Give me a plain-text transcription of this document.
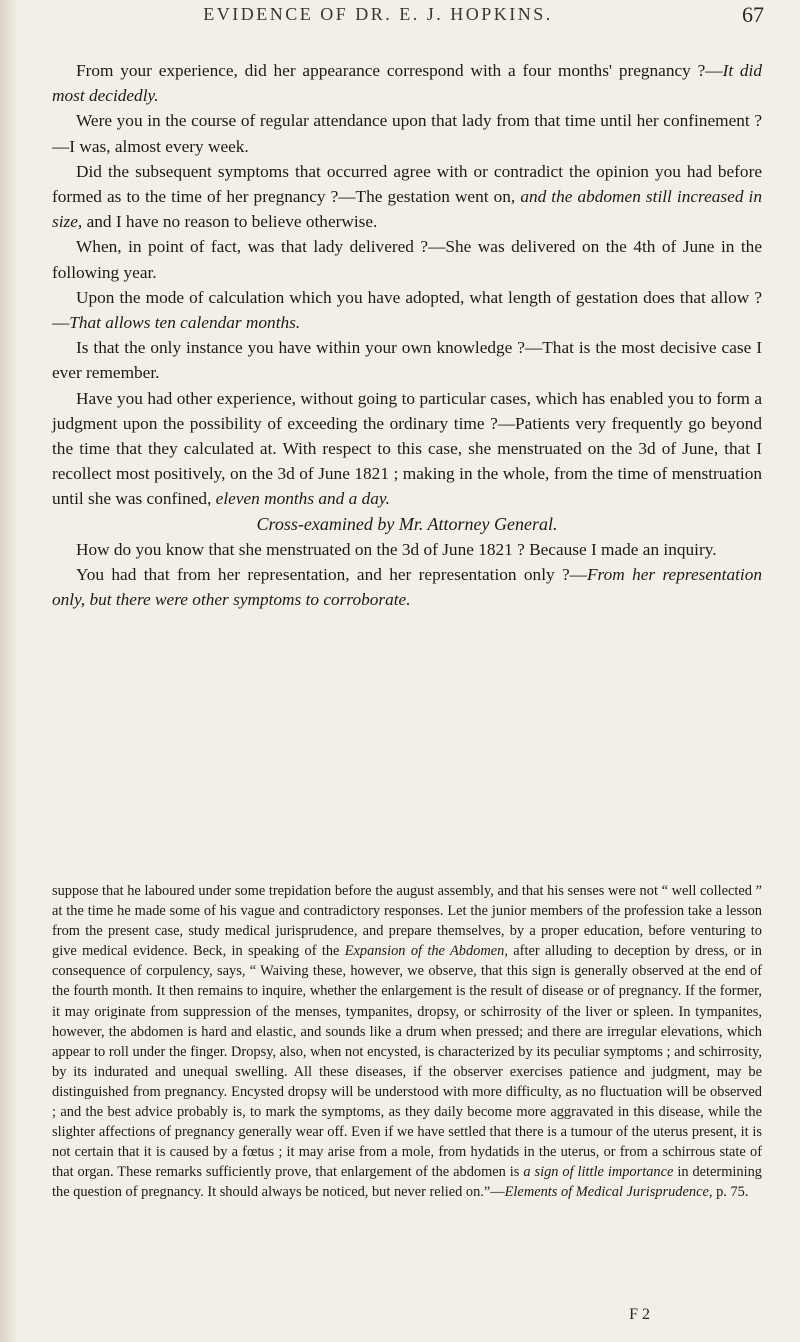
EVIDENCE OF DR. E. J. HOPKINS.	67

From your experience, did her appearance correspond with a four months' pregnancy ?—It did most decidedly.

Were you in the course of regular attendance upon that lady from that time until her confinement ?—I was, almost every week.

Did the subsequent symptoms that occurred agree with or contradict the opinion you had before formed as to the time of her pregnancy ?—The gestation went on, and the abdomen still increased in size, and I have no reason to believe otherwise.

When, in point of fact, was that lady delivered ?—She was delivered on the 4th of June in the following year.

Upon the mode of calculation which you have adopted, what length of gestation does that allow ?—That allows ten calendar months.

Is that the only instance you have within your own knowledge ?—That is the most decisive case I ever remember.

Have you had other experience, without going to particular cases, which has enabled you to form a judgment upon the possibility of exceeding the ordinary time ?—Patients very frequently go beyond the time that they calculated at. With respect to this case, she menstruated on the 3d of June, that I recollect most positively, on the 3d of June 1821 ; making in the whole, from the time of menstruation until she was confined, eleven months and a day.

Cross-examined by Mr. Attorney General.

How do you know that she menstruated on the 3d of June 1821 ? Because I made an inquiry.

You had that from her representation, and her representation only ?—From her representation only, but there were other symptoms to corroborate.

suppose that he laboured under some trepidation before the august assembly, and that his senses were not “ well collected ” at the time he made some of his vague and contradictory responses. Let the junior members of the profession take a lesson from the present case, study medical jurisprudence, and prepare themselves, by a proper education, before venturing to give medical evidence. Beck, in speaking of the Expansion of the Abdomen, after alluding to deception by dress, or in consequence of corpulency, says, “ Waiving these, however, we observe, that this sign is generally observed at the end of the fourth month. It then remains to inquire, whether the enlargement is the result of disease or of pregnancy. If the former, it may originate from suppression of the menses, tympanites, dropsy, or schirrosity of the liver or spleen. In tympanites, however, the abdomen is hard and elastic, and sounds like a drum when pressed; and there are irregular elevations, which appear to roll under the finger. Dropsy, also, when not encysted, is characterized by its peculiar symptoms ; and schirrosity, by its indurated and unequal swelling. All these diseases, if the observer exercises patience and judgment, may be distinguished from pregnancy. Encysted dropsy will be understood with more difficulty, as no fluctuation will be observed ; and the best advice probably is, to mark the symptoms, as they daily become more aggravated in this disease, while the slighter affections of pregnancy generally wear off. Even if we have settled that there is a tumour of the uterus present, it is not certain that it is caused by a fœtus ; it may arise from a mole, from hydatids in the uterus, or from a schirrous state of that organ. These remarks sufficiently prove, that enlargement of the abdomen is a sign of little importance in determining the question of pregnancy. It should always be noticed, but never relied on.”—Elements of Medical Jurisprudence, p. 75.

F 2
